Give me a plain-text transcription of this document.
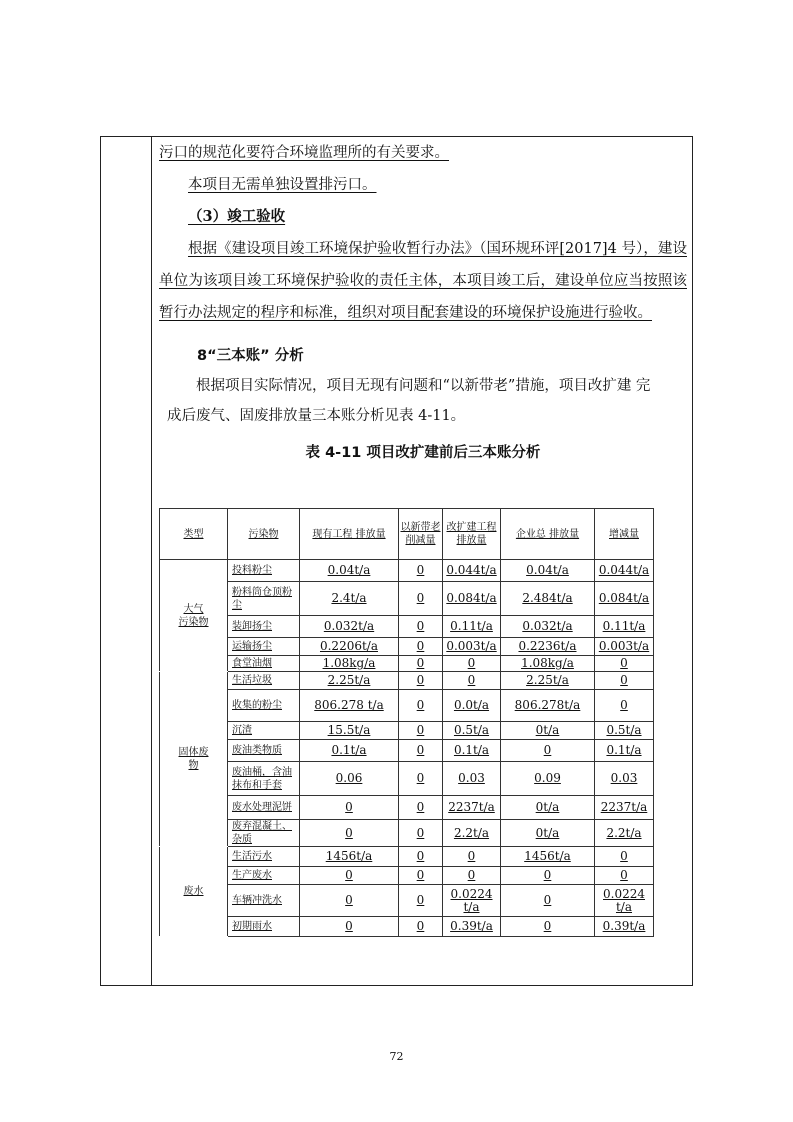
污口的规范化要符合环境监理所的有关要求。

本项目无需单独设置排污口。

（3）竣工验收

根据《建设项目竣工环境保护验收暂行办法》（国环规环评[2017]4 号），建设单位为该项目竣工环境保护验收的责任主体，本项目竣工后，建设单位应当按照该暂行办法规定的程序和标准，组织对项目配套建设的环境保护设施进行验收。

8“三本账” 分析

根据项目实际情况，项目无现有问题和“以新带老”措施，项目改扩建 完
成后废气、固废排放量三本账分析见表 4-11。

表 4-11 项目改扩建前后三本账分析

类型	污染物	现有工程 排放量	以新带老削减量	改扩建工程排放量	企业总 排放量	增减量

大气
污染物	投料粉尘	0.04t/a	0	0.044t/a	0.04t/a	0.044t/a
	粉料筒仓顶粉尘	2.4t/a	0	0.084t/a	2.484t/a	0.084t/a
	装卸扬尘	0.032t/a	0	0.11t/a	0.032t/a	0.11t/a
	运输扬尘	0.2206t/a	0	0.003t/a	0.2236t/a	0.003t/a
	食堂油烟	1.08kg/a	0	0	1.08kg/a	0

固体废
物	生活垃圾	2.25t/a	0	0	2.25t/a	0
	收集的粉尘	806.278 t/a	0	0.0t/a	806.278t/a	0
	沉渣	15.5t/a	0	0.5t/a	0t/a	0.5t/a
	废油类物质	0.1t/a	0	0.1t/a	0	0.1t/a
	废油桶，含油抹布和手套	0.06	0	0.03	0.09	0.03
	废水处理泥饼	0	0	2237t/a	0t/a	2237t/a
	废弃混凝土、杂质	0	0	2.2t/a	0t/a	2.2t/a

废水	生活污水	1456t/a	0	0	1456t/a	0
	生产废水	0	0	0	0	0
	车辆冲洗水	0	0	0.0224 t/a	0	0.0224 t/a
	初期雨水	0	0	0.39t/a	0	0.39t/a
72
